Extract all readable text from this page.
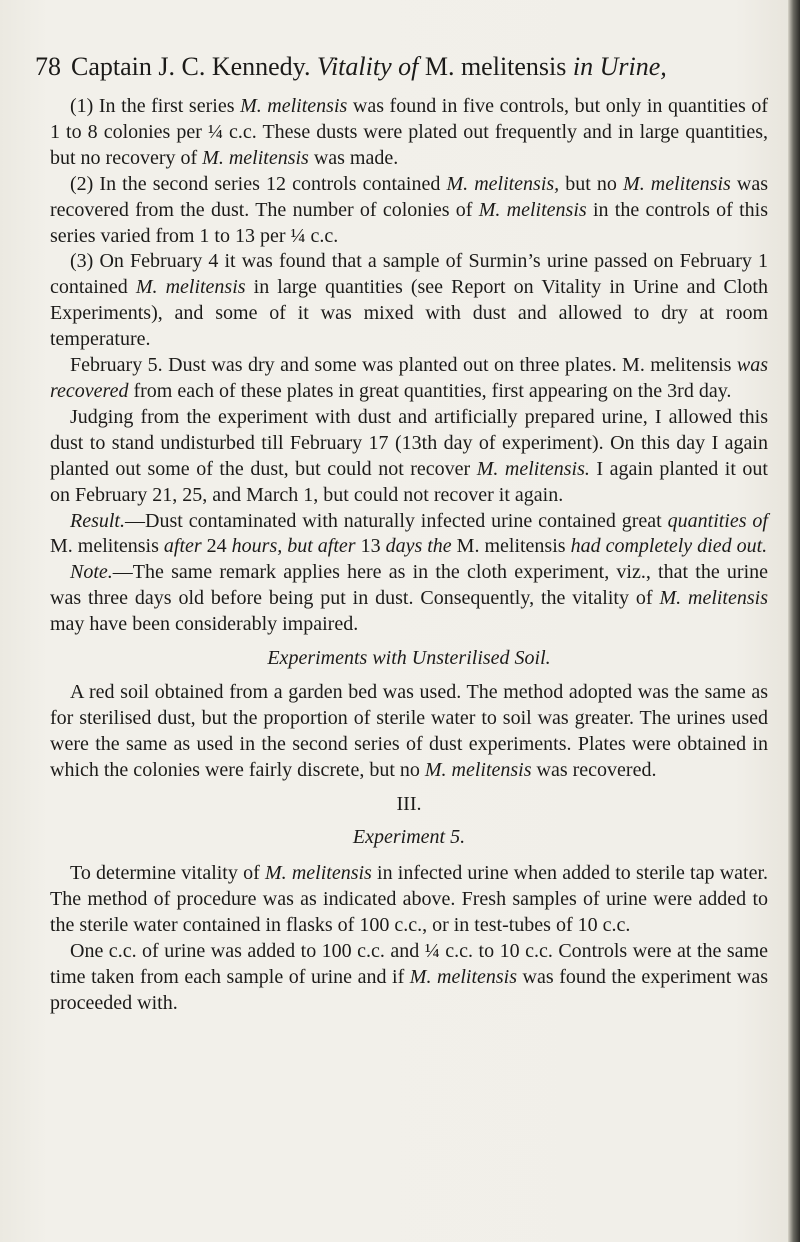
78 Captain J. C. Kennedy. Vitality of M. melitensis in Urine,

(1) In the first series M. melitensis was found in five controls, but only in quantities of 1 to 8 colonies per ¼ c.c. These dusts were plated out frequently and in large quantities, but no recovery of M. melitensis was made.

(2) In the second series 12 controls contained M. melitensis, but no M. melitensis was recovered from the dust. The number of colonies of M. melitensis in the controls of this series varied from 1 to 13 per ¼ c.c.

(3) On February 4 it was found that a sample of Surmin’s urine passed on February 1 contained M. melitensis in large quantities (see Report on Vitality in Urine and Cloth Experiments), and some of it was mixed with dust and allowed to dry at room temperature.

February 5. Dust was dry and some was planted out on three plates. M. melitensis was recovered from each of these plates in great quantities, first appearing on the 3rd day.

Judging from the experiment with dust and artificially prepared urine, I allowed this dust to stand undisturbed till February 17 (13th day of experiment). On this day I again planted out some of the dust, but could not recover M. melitensis. I again planted it out on February 21, 25, and March 1, but could not recover it again.

Result.—Dust contaminated with naturally infected urine contained great quantities of M. melitensis after 24 hours, but after 13 days the M. melitensis had completely died out.

Note.—The same remark applies here as in the cloth experiment, viz., that the urine was three days old before being put in dust. Consequently, the vitality of M. melitensis may have been considerably impaired.

Experiments with Unsterilised Soil.

A red soil obtained from a garden bed was used. The method adopted was the same as for sterilised dust, but the proportion of sterile water to soil was greater. The urines used were the same as used in the second series of dust experiments. Plates were obtained in which the colonies were fairly discrete, but no M. melitensis was recovered.

III.

Experiment 5.

To determine vitality of M. melitensis in infected urine when added to sterile tap water. The method of procedure was as indicated above. Fresh samples of urine were added to the sterile water contained in flasks of 100 c.c., or in test-tubes of 10 c.c.

One c.c. of urine was added to 100 c.c. and ¼ c.c. to 10 c.c. Controls were at the same time taken from each sample of urine and if M. melitensis was found the experiment was proceeded with.
